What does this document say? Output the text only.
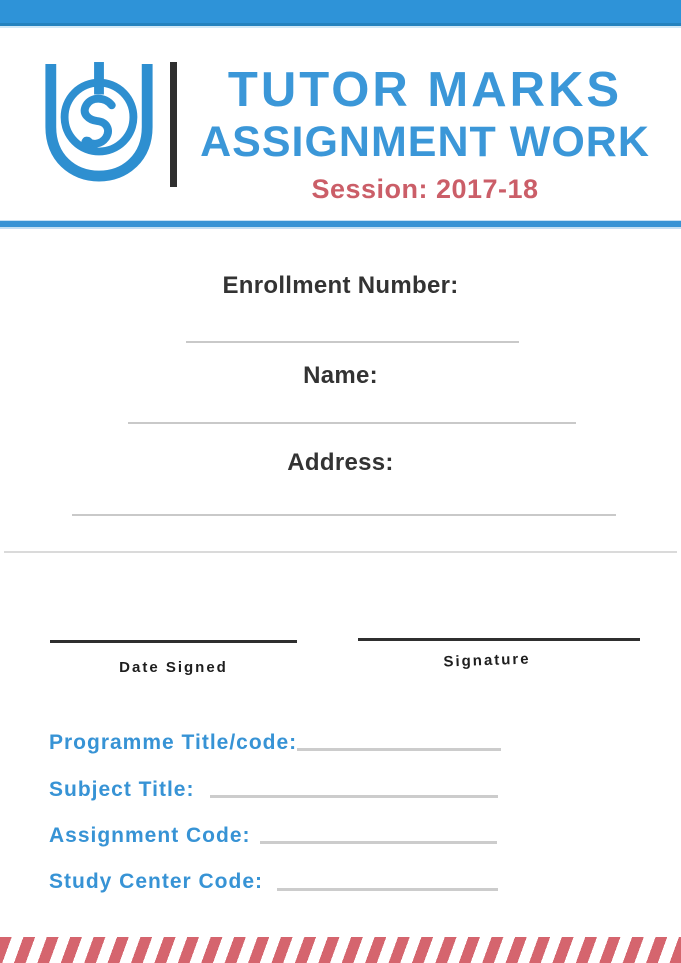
TUTOR MARKS
ASSIGNMENT WORK
Session: 2017-18
Enrollment Number:
Name:
Address:
Date Signed	Signature
Programme Title/code:
Subject Title:
Assignment Code:
Study Center Code:
